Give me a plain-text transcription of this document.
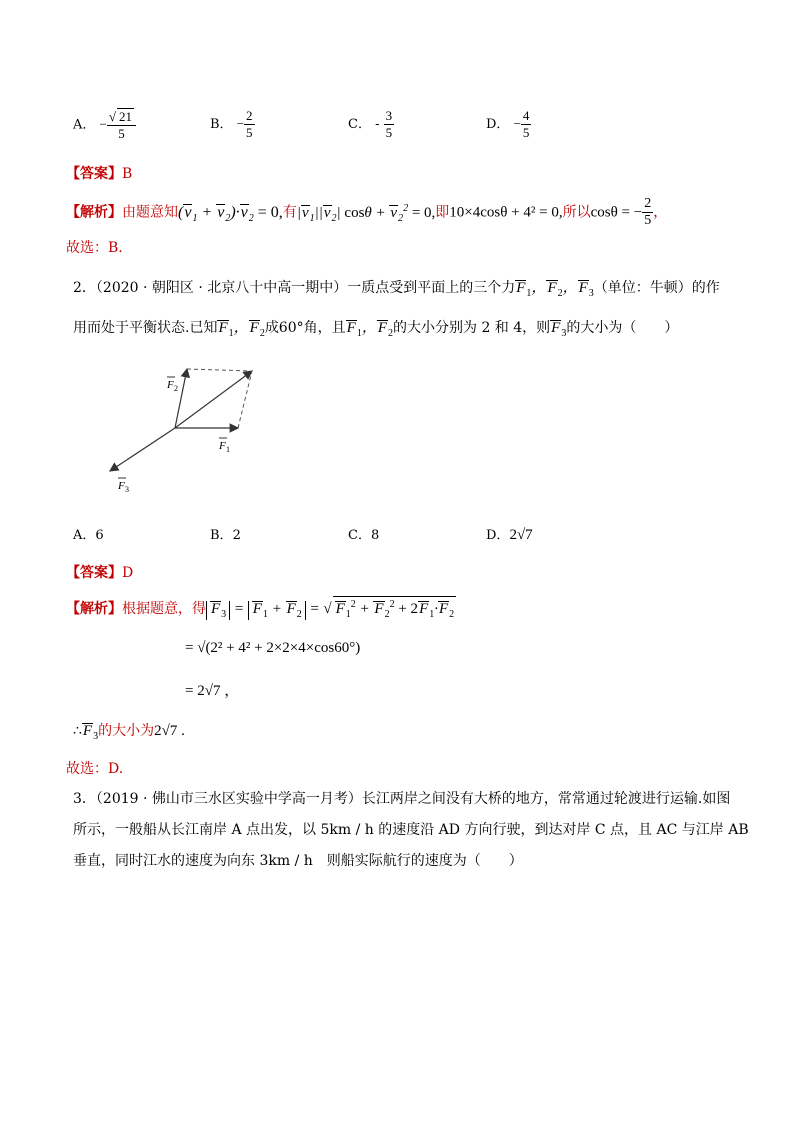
A． − $\frac{√ 21}{5}$	B． − $\frac{2}{5}$	C． - $\frac{3}{5}$	D． − $\frac{4}{5}$
【答案】B
【解析】由题意知$(v_1 + v_2)\cdot v_2 = 0$,有$|v_1||v_2|$ $\cos\theta + v_2^2 = 0$,即10×4cosθ + 4² = 0,所以cosθ = − $\frac{2}{5}$ ，
故选：B.
2．（2020 · 朝阳区 · 北京八十中高一期中）一质点受到平面上的三个力$F_1$，$F_2$，$F_3$（单位：牛顿）的作
用而处于平衡状态.已知$F_1$，$F_2$成60°角，且$F_1$，$F_2$的大小分别为 2 和 4，则$F_3$的大小为（　　）
F 2
F 1
F 3
A．6	B．2	C．8	D．2√7
【答案】D
【解析】根据题意，得 $F_3 = F_1 + F_2$ = √ $F_1^2 + F_2^2 + 2F_1\cdot F_2$
= √(2² + 4² + 2×2×4×cos60°)
= 2√7 ，
$\therefore F_3$的大小为2√7 .
故选：D.
3．（2019 · 佛山市三水区实验中学高一月考）长江两岸之间没有大桥的地方，常常通过轮渡进行运输.如图
所示，一般船从长江南岸 A 点出发，以 5km / h 的速度沿 AD 方向行驶，到达对岸 C 点，且 AC 与江岸 AB
垂直，同时江水的速度为向东 3km / h　则船实际航行的速度为（　　）
